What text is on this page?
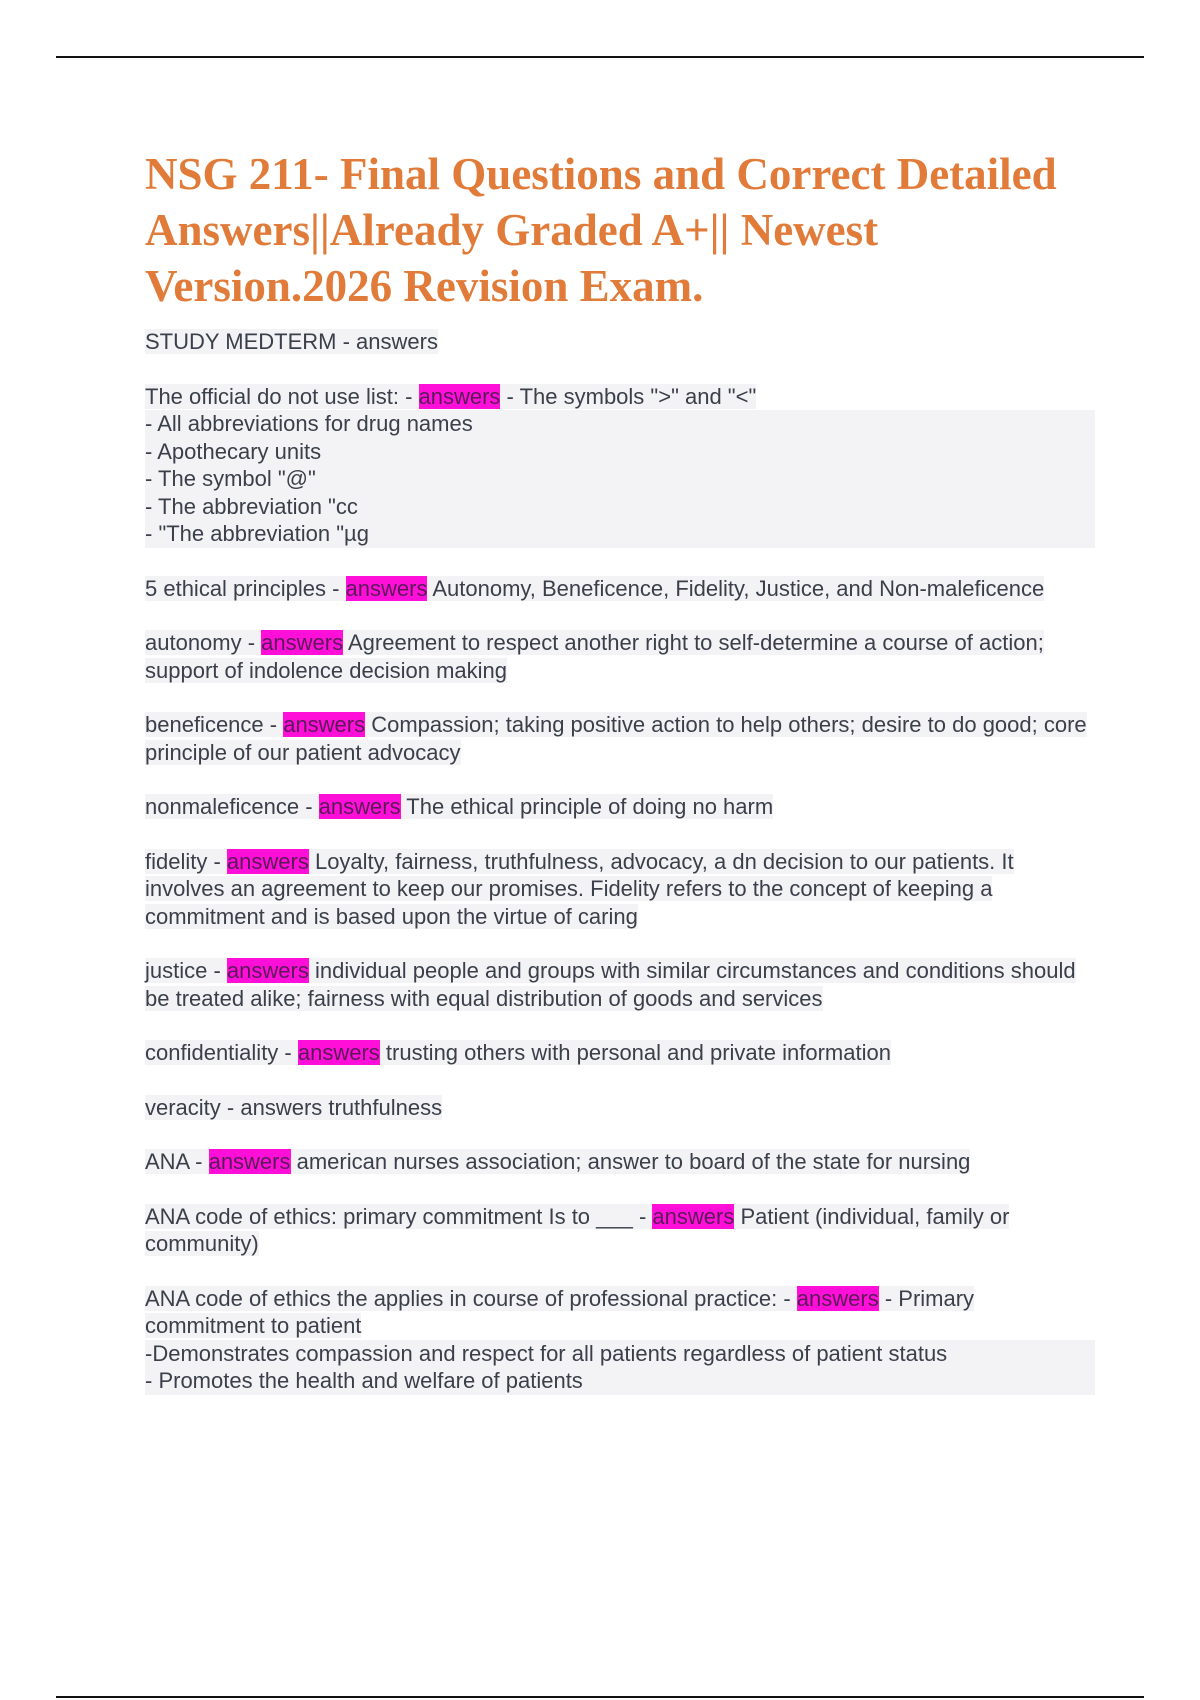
NSG 211- Final Questions and Correct Detailed Answers||Already Graded A+|| Newest Version.2026 Revision Exam.
STUDY MEDTERM - answers
The official do not use list: - answers - The symbols ">" and "<"
- All abbreviations for drug names
- Apothecary units
- The symbol "@"
- The abbreviation "cc
- "The abbreviation "µg
5 ethical principles - answers Autonomy, Beneficence, Fidelity, Justice, and Non-maleficence
autonomy - answers Agreement to respect another right to self-determine a course of action; support of indolence decision making
beneficence - answers Compassion; taking positive action to help others; desire to do good; core principle of our patient advocacy
nonmaleficence - answers The ethical principle of doing no harm
fidelity - answers Loyalty, fairness, truthfulness, advocacy, a dn decision to our patients. It involves an agreement to keep our promises. Fidelity refers to the concept of keeping a commitment and is based upon the virtue of caring
justice - answers individual people and groups with similar circumstances and conditions should be treated alike; fairness with equal distribution of goods and services
confidentiality - answers trusting others with personal and private information
veracity - answers truthfulness
ANA - answers american nurses association; answer to board of the state for nursing
ANA code of ethics: primary commitment Is to ___ - answers Patient (individual, family or community)
ANA code of ethics the applies in course of professional practice: - answers - Primary commitment to patient
-Demonstrates compassion and respect for all patients regardless of patient status
- Promotes the health and welfare of patients
